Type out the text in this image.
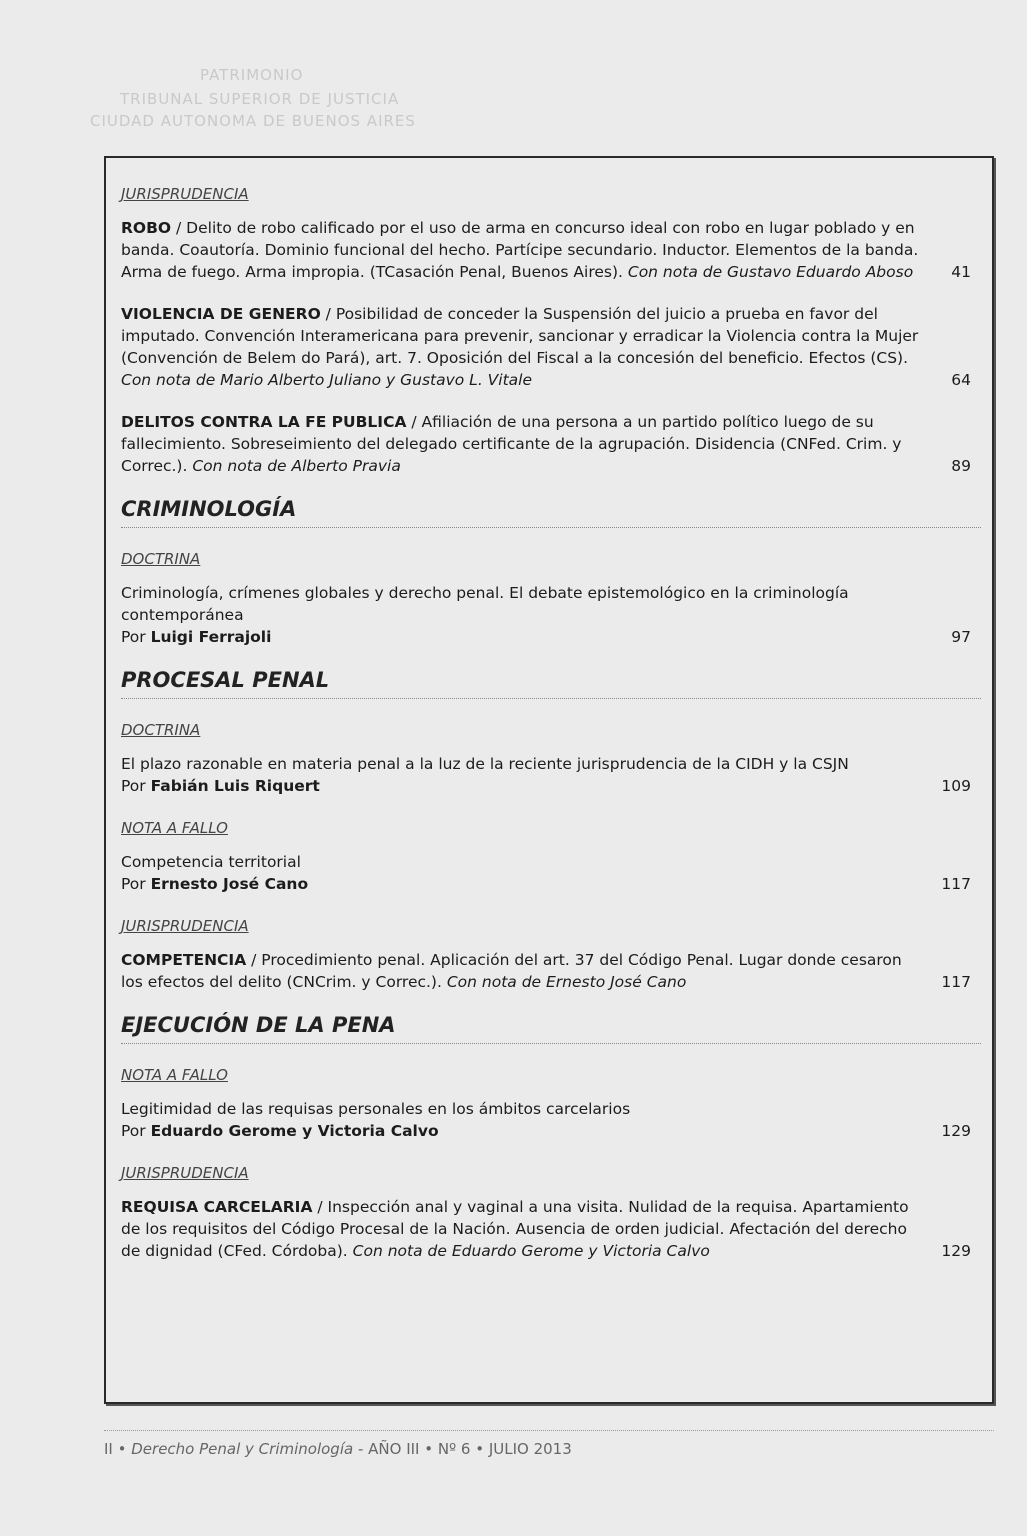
PATRIMONIO
TRIBUNAL SUPERIOR DE JUSTICIA
CIUDAD AUTONOMA DE BUENOS AIRES
JURISPRUDENCIA
ROBO / Delito de robo calificado por el uso de arma en concurso ideal con robo en lugar poblado y en banda. Coautoría. Dominio funcional del hecho. Partícipe secundario. Inductor. Elementos de la banda. Arma de fuego. Arma impropia. (TCasación Penal, Buenos Aires). Con nota de Gustavo Eduardo Aboso 41
VIOLENCIA DE GENERO / Posibilidad de conceder la Suspensión del juicio a prueba en favor del imputado. Convención Interamericana para prevenir, sancionar y erradicar la Violencia contra la Mujer (Convención de Belem do Pará), art. 7. Oposición del Fiscal a la concesión del beneficio. Efectos (CS). Con nota de Mario Alberto Juliano y Gustavo L. Vitale	64
DELITOS CONTRA LA FE PUBLICA / Afiliación de una persona a un partido político luego de su fallecimiento. Sobreseimiento del delegado certificante de la agrupación. Disidencia (CNFed. Crim. y Correc.). Con nota de Alberto Pravia	89
CRIMINOLOGÍA
DOCTRINA
Criminología, crímenes globales y derecho penal. El debate epistemológico en la criminología contemporánea
Por Luigi Ferrajoli	97
PROCESAL PENAL
DOCTRINA
El plazo razonable en materia penal a la luz de la reciente jurisprudencia de la CIDH y la CSJN
Por Fabián Luis Riquert	109
NOTA A FALLO
Competencia territorial
Por Ernesto José Cano	117
JURISPRUDENCIA
COMPETENCIA / Procedimiento penal. Aplicación del art. 37 del Código Penal. Lugar donde cesaron los efectos del delito (CNCrim. y Correc.). Con nota de Ernesto José Cano	117
EJECUCIÓN DE LA PENA
NOTA A FALLO
Legitimidad de las requisas personales en los ámbitos carcelarios
Por Eduardo Gerome y Victoria Calvo	129
JURISPRUDENCIA
REQUISA CARCELARIA / Inspección anal y vaginal a una visita. Nulidad de la requisa. Apartamiento de los requisitos del Código Procesal de la Nación. Ausencia de orden judicial. Afectación del derecho de dignidad (CFed. Córdoba). Con nota de Eduardo Gerome y Victoria Calvo	129
II • Derecho Penal y Criminología - AÑO III • Nº 6 • JULIO 2013
